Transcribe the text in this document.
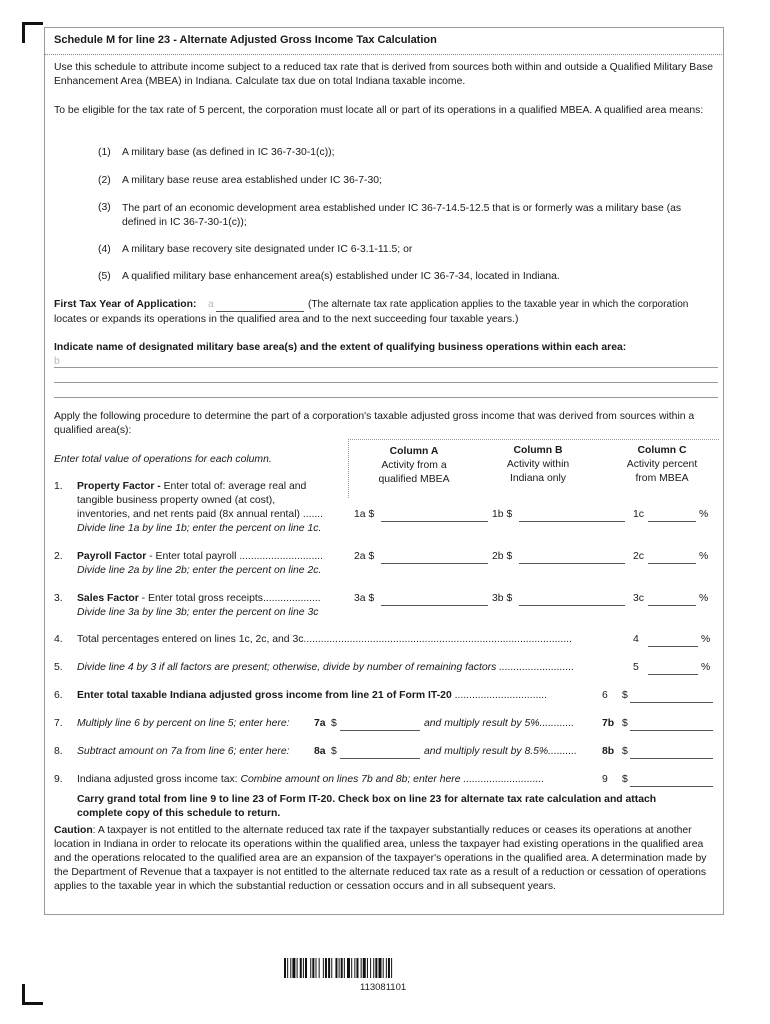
Schedule M for line 23 - Alternate Adjusted Gross Income Tax Calculation
Use this schedule to attribute income subject to a reduced tax rate that is derived from sources both within and outside a Qualified Military Base Enhancement Area (MBEA) in Indiana. Calculate tax due on total Indiana taxable income.
To be eligible for the tax rate of 5 percent, the corporation must locate all or part of its operations in a qualified MBEA. A qualified area means:
(1) A military base (as defined in IC 36-7-30-1(c));
(2) A military base reuse area established under IC 36-7-30;
(3) The part of an economic development area established under IC 36-7-14.5-12.5 that is or formerly was a military base (as defined in IC 36-7-30-1(c));
(4) A military base recovery site designated under IC 6-3.1-11.5; or
(5) A qualified military base enhancement area(s) established under IC 36-7-34, located in Indiana.
First Tax Year of Application: a	(The alternate tax rate application applies to the taxable year in which the corporation
locates or expands its operations in the qualified area and to the next succeeding four taxable years.)
Indicate name of designated military base area(s) and the extent of qualifying business operations within each area:
b
Apply the following procedure to determine the part of a corporation's taxable adjusted gross income that was derived from sources within a qualified area(s):
Enter total value of operations for each column.
Column A
Activity from a
qualified MBEA
Column B
Activity within
Indiana only
Column C
Activity percent
from MBEA
1. Property Factor - Enter total of: average real and
tangible business property owned (at cost),
inventories, and net rents paid (8x annual rental) .......
Divide line 1a by line 1b; enter the percent on line 1c.
1a $	1b $	1c	%
2. Payroll Factor - Enter total payroll .............................
Divide line 2a by line 2b; enter the percent on line 2c.
2a $	2b $	2c	%
3. Sales Factor - Enter total gross receipts....................
Divide line 3a by line 3b; enter the percent on line 3c
3a $	3b $	3c	%
4. Total percentages entered on lines 1c, 2c, and 3c.............................................................................................	4	%
5. Divide line 4 by 3 if all factors are present; otherwise, divide by number of remaining factors ..........................	5	%
6. Enter total taxable Indiana adjusted gross income from line 21 of Form IT-20 ................................	6 $
7. Multiply line 6 by percent on line 5; enter here: 7a $	and multiply result by 5%............	7b $
8. Subtract amount on 7a from line 6; enter here: 8a $	and multiply result by 8.5%.......... 8b $
9. Indiana adjusted gross income tax: Combine amount on lines 7b and 8b; enter here ............................	9 $
Carry grand total from line 9 to line 23 of Form IT-20. Check box on line 23 for alternate tax rate calculation and attach
complete copy of this schedule to return.
Caution: A taxpayer is not entitled to the alternate reduced tax rate if the taxpayer substantially reduces or ceases its operations at another location in Indiana in order to relocate its operations within the qualified area, unless the taxpayer had existing operations in the qualified area and the operations relocated to the qualified area are an expansion of the taxpayer's operations in the qualified area. A determination made by the Department of Revenue that a taxpayer is not entitled to the alternate reduced tax rate as a result of a reduction or cessation of operations applies to the taxable year in which the substantial reduction or cessation occurs and in all subsequent years.
113081101
